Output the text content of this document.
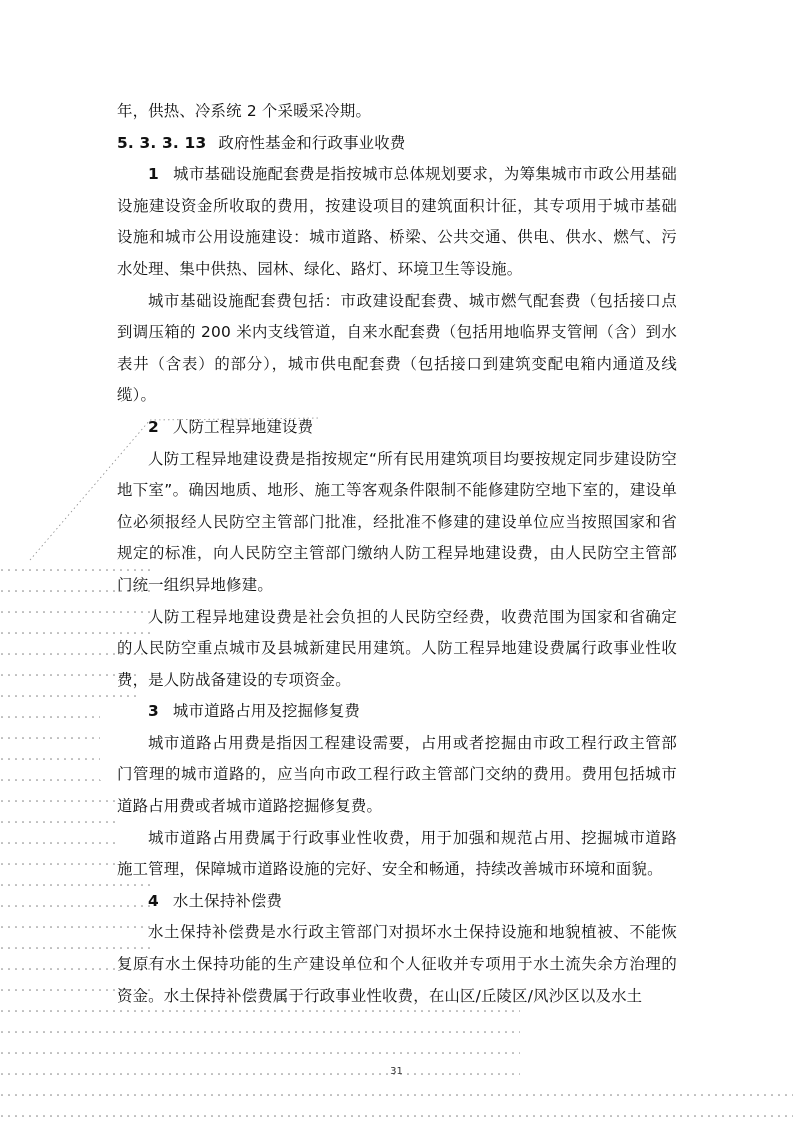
年，供热、冷系统 2 个采暖采冷期。

5. 3. 3. 13 政府性基金和行政事业收费

1 城市基础设施配套费是指按城市总体规划要求，为筹集城市市政公用基础设施建设资金所收取的费用，按建设项目的建筑面积计征，其专项用于城市基础设施和城市公用设施建设：城市道路、桥梁、公共交通、供电、供水、燃气、污水处理、集中供热、园林、绿化、路灯、环境卫生等设施。

城市基础设施配套费包括：市政建设配套费、城市燃气配套费（包括接口点到调压箱的 200 米内支线管道，自来水配套费（包括用地临界支管闸（含）到水表井（含表）的部分），城市供电配套费（包括接口到建筑变配电箱内通道及线缆）。

2 人防工程异地建设费

人防工程异地建设费是指按规定“所有民用建筑项目均要按规定同步建设防空地下室”。确因地质、地形、施工等客观条件限制不能修建防空地下室的，建设单位必须报经人民防空主管部门批准，经批准不修建的建设单位应当按照国家和省规定的标准，向人民防空主管部门缴纳人防工程异地建设费，由人民防空主管部门统一组织异地修建。

人防工程异地建设费是社会负担的人民防空经费，收费范围为国家和省确定的人民防空重点城市及县城新建民用建筑。人防工程异地建设费属行政事业性收费，是人防战备建设的专项资金。

3 城市道路占用及挖掘修复费

城市道路占用费是指因工程建设需要，占用或者挖掘由市政工程行政主管部门管理的城市道路的，应当向市政工程行政主管部门交纳的费用。费用包括城市道路占用费或者城市道路挖掘修复费。

城市道路占用费属于行政事业性收费，用于加强和规范占用、挖掘城市道路施工管理，保障城市道路设施的完好、安全和畅通，持续改善城市环境和面貌。

4 水土保持补偿费

水土保持补偿费是水行政主管部门对损坏水土保持设施和地貌植被、不能恢复原有水土保持功能的生产建设单位和个人征收并专项用于水土流失余方治理的资金。水土保持补偿费属于行政事业性收费，在山区/丘陵区/风沙区以及水土

31
